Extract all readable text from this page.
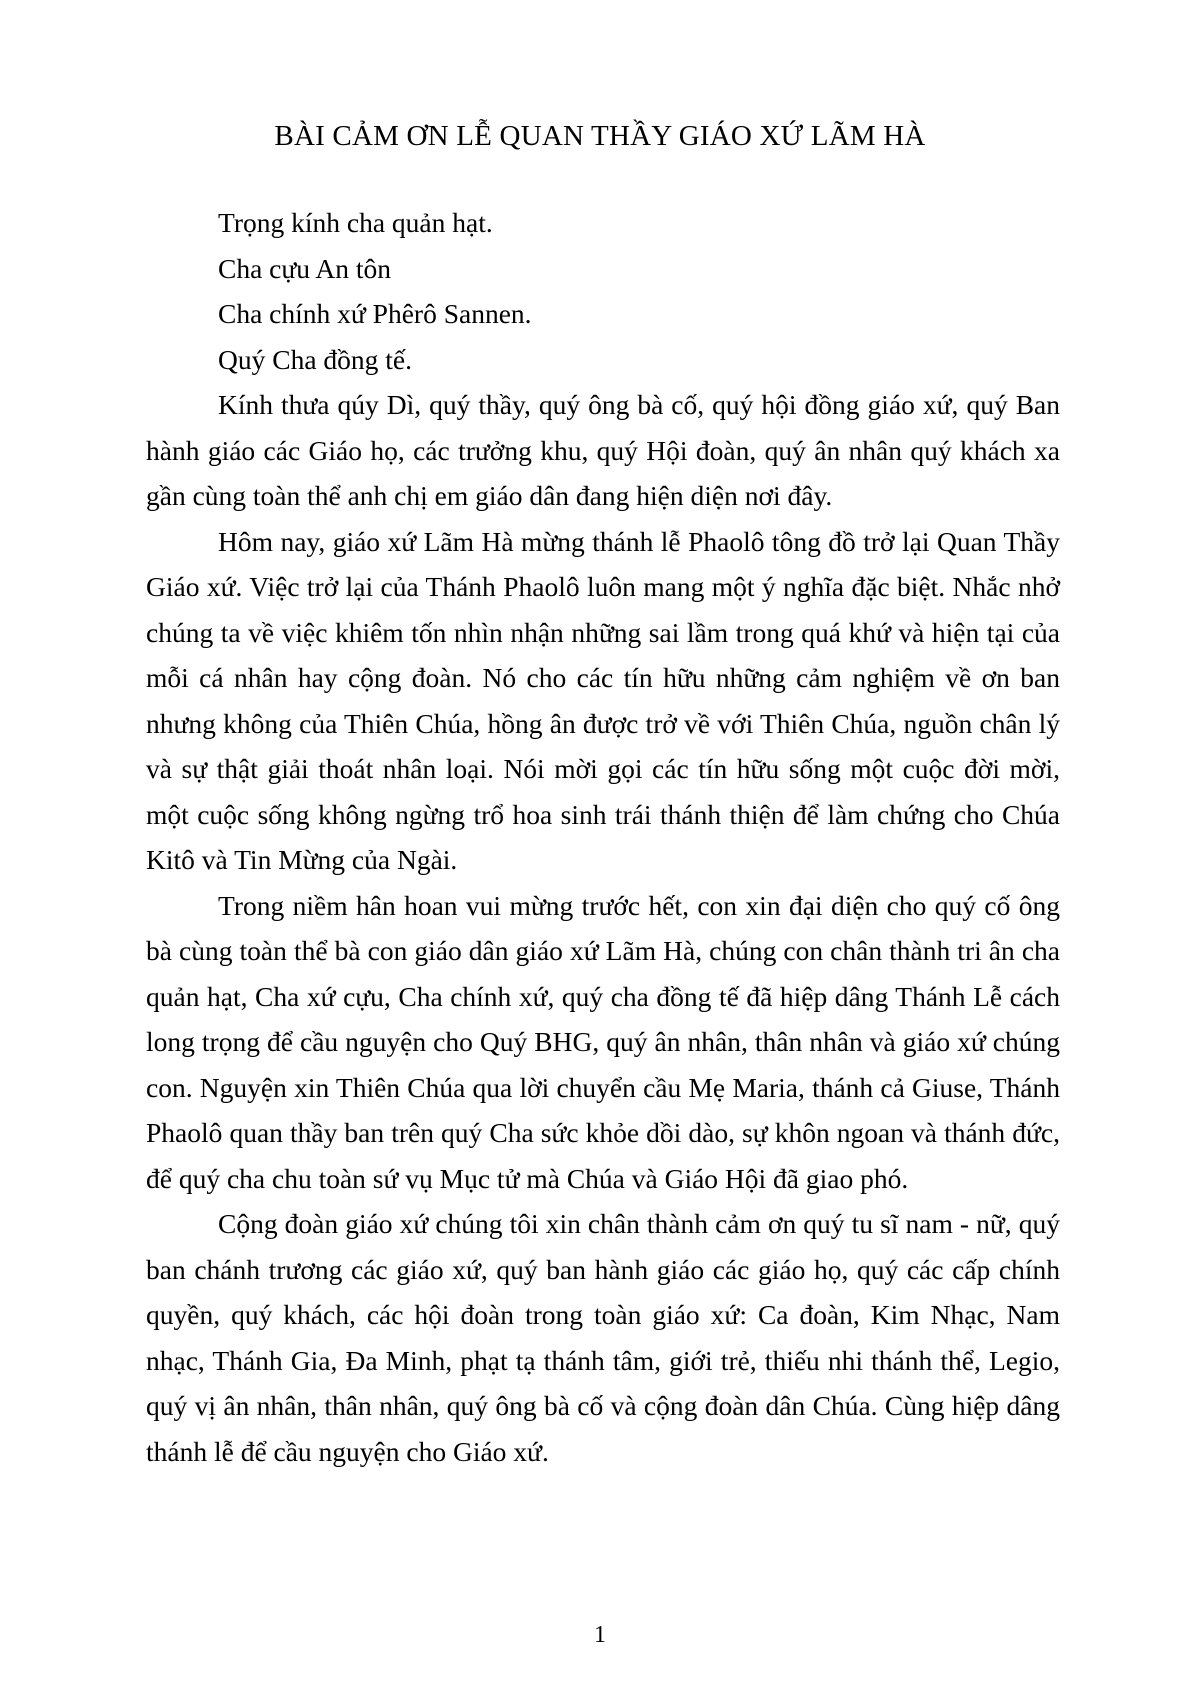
BÀI CẢM ƠN LỄ QUAN THẦY GIÁO XỨ LÃM HÀ

Trọng kính cha quản hạt.

Cha cựu An tôn

Cha chính xứ Phêrô Sannen.

Quý Cha đồng tế.

Kính thưa qúy Dì, quý thầy, quý ông bà cố, quý hội đồng giáo xứ, quý Ban hành giáo các Giáo họ, các trưởng khu, quý Hội đoàn, quý ân nhân quý khách xa gần cùng toàn thể anh chị em giáo dân đang hiện diện nơi đây.

Hôm nay, giáo xứ Lãm Hà mừng thánh lễ Phaolô tông đồ trở lại Quan Thầy Giáo xứ. Việc trở lại của Thánh Phaolô luôn mang một ý nghĩa đặc biệt. Nhắc nhở chúng ta về việc khiêm tốn nhìn nhận những sai lầm trong quá khứ và hiện tại của mỗi cá nhân hay cộng đoàn. Nó cho các tín hữu những cảm nghiệm về ơn ban nhưng không của Thiên Chúa, hồng ân được trở về với Thiên Chúa, nguồn chân lý và sự thật giải thoát nhân loại. Nói mời gọi các tín hữu sống một cuộc đời mời, một cuộc sống không ngừng trổ hoa sinh trái thánh thiện để làm chứng cho Chúa Kitô và Tin Mừng của Ngài.

Trong niềm hân hoan vui mừng trước hết, con xin đại diện cho quý cố ông bà cùng toàn thể bà con giáo dân giáo xứ Lãm Hà, chúng con chân thành tri ân cha quản hạt, Cha xứ cựu, Cha chính xứ, quý cha đồng tế đã hiệp dâng Thánh Lễ cách long trọng để cầu nguyện cho Quý BHG, quý ân nhân, thân nhân và giáo xứ chúng con. Nguyện xin Thiên Chúa qua lời chuyển cầu Mẹ Maria, thánh cả Giuse, Thánh Phaolô quan thầy ban trên quý Cha sức khỏe dồi dào, sự khôn ngoan và thánh đức, để quý cha chu toàn sứ vụ Mục tử mà Chúa và Giáo Hội đã giao phó.

Cộng đoàn giáo xứ chúng tôi xin chân thành cảm ơn quý tu sĩ nam - nữ, quý ban chánh trương các giáo xứ, quý ban hành giáo các giáo họ, quý các cấp chính quyền, quý khách, các hội đoàn trong toàn giáo xứ: Ca đoàn, Kim Nhạc, Nam nhạc, Thánh Gia, Đa Minh, phạt tạ thánh tâm, giới trẻ, thiếu nhi thánh thể, Legio, quý vị ân nhân, thân nhân, quý ông bà cố và cộng đoàn dân Chúa. Cùng hiệp dâng thánh lễ để cầu nguyện cho Giáo xứ.

1
